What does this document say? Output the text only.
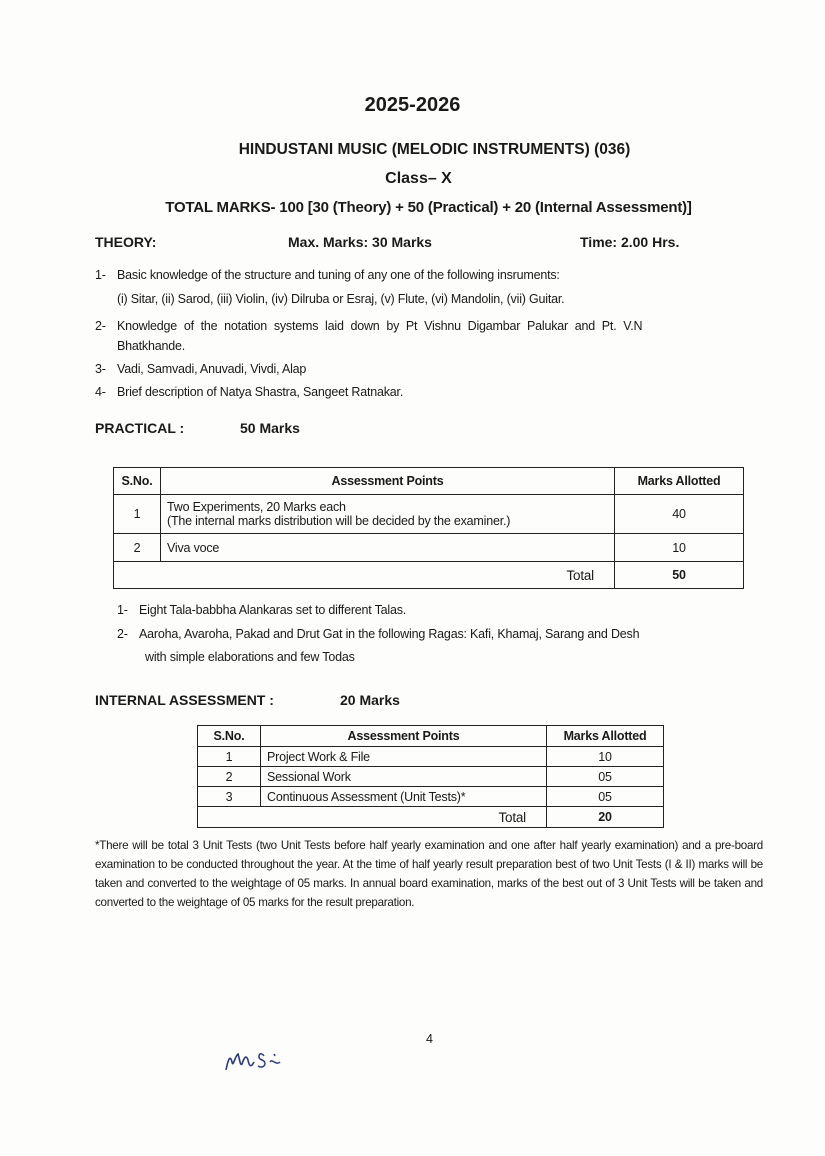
2025-2026
HINDUSTANI MUSIC (MELODIC INSTRUMENTS) (036)
Class– X
TOTAL MARKS- 100 [30 (Theory) + 50 (Practical) + 20 (Internal Assessment)]
THEORY:	Max. Marks: 30 Marks	Time: 2.00 Hrs.
1- Basic knowledge of the structure and tuning of any one of the following insruments:
(i) Sitar, (ii) Sarod, (iii) Violin, (iv) Dilruba or Esraj, (v) Flute, (vi) Mandolin, (vii) Guitar.
2- Knowledge of the notation systems laid down by Pt Vishnu Digambar Palukar and Pt. V.N
Bhatkhande.
3- Vadi, Samvadi, Anuvadi, Vivdi, Alap
4- Brief description of Natya Shastra, Sangeet Ratnakar.
PRACTICAL :	50 Marks
S.No.	Assessment Points	Marks Allotted
1	Two Experiments, 20 Marks each
(The internal marks distribution will be decided by the examiner.)	40
2	Viva voce	10
Total		50
1- Eight Tala-babbha Alankaras set to different Talas.
2- Aaroha, Avaroha, Pakad and Drut Gat in the following Ragas: Kafi, Khamaj, Sarang and Desh
with simple elaborations and few Todas
INTERNAL ASSESSMENT :	20 Marks
S.No.	Assessment Points	Marks Allotted
1	Project Work & File	10
2	Sessional Work	05
3	Continuous Assessment (Unit Tests)*	05
Total		20
*There will be total 3 Unit Tests (two Unit Tests before half yearly examination and one after half yearly examination) and a pre-board examination to be conducted throughout the year. At the time of half yearly result preparation best of two Unit Tests (I & II) marks will be taken and converted to the weightage of 05 marks. In annual board examination, marks of the best out of 3 Unit Tests will be taken and converted to the weightage of 05 marks for the result preparation.
4
